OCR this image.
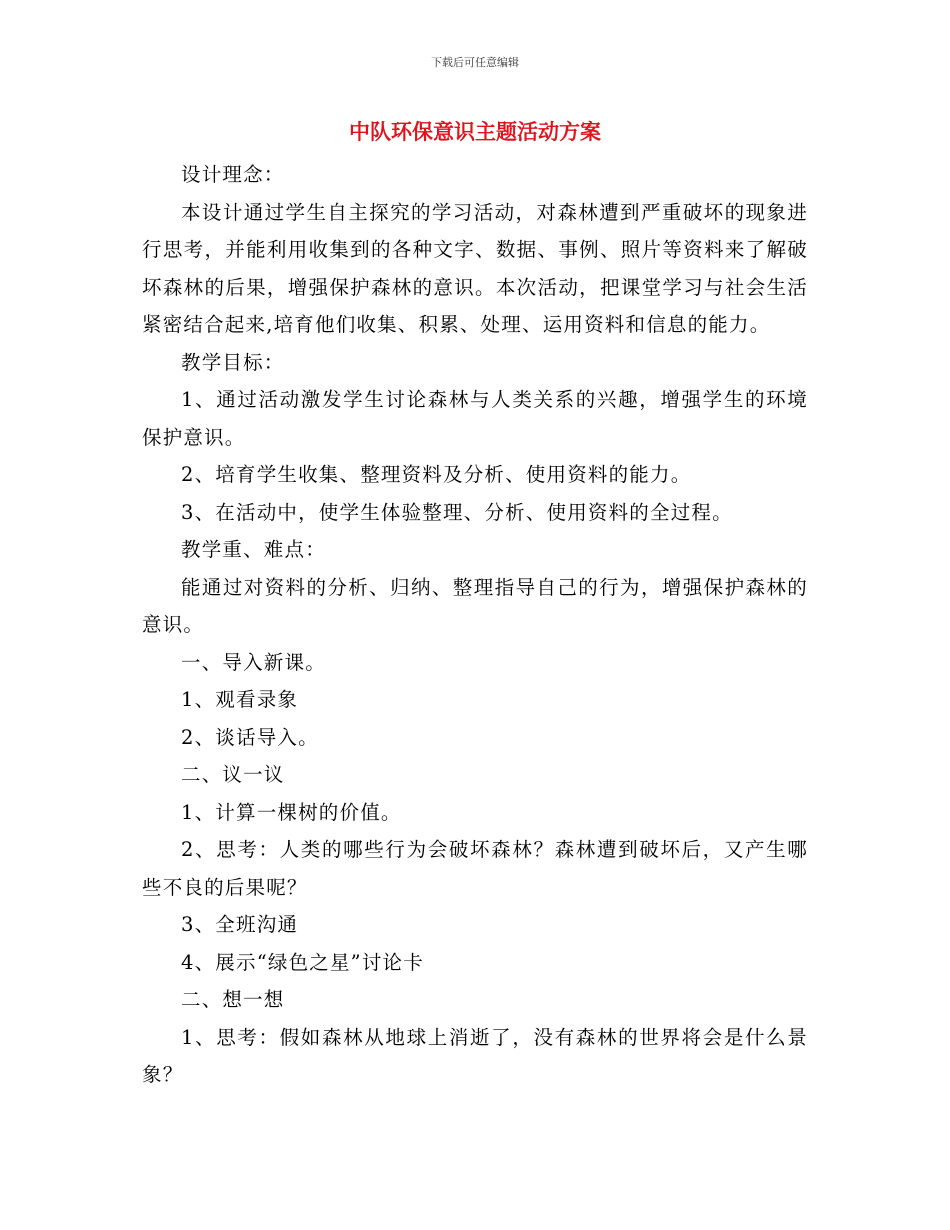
下载后可任意编辑
中队环保意识主题活动方案

设计理念：

本设计通过学生自主探究的学习活动，对森林遭到严重破坏的现象进行思考，并能利用收集到的各种文字、数据、事例、照片等资料来了解破坏森林的后果，增强保护森林的意识。本次活动，把课堂学习与社会生活紧密结合起来,培育他们收集、积累、处理、运用资料和信息的能力。

教学目标：

1、通过活动激发学生讨论森林与人类关系的兴趣，增强学生的环境保护意识。

2、培育学生收集、整理资料及分析、使用资料的能力。

3、在活动中，使学生体验整理、分析、使用资料的全过程。

教学重、难点：

能通过对资料的分析、归纳、整理指导自己的行为，增强保护森林的意识。

一、导入新课。

1、观看录象

2、谈话导入。

二、议一议

1、计算一棵树的价值。

2、思考：人类的哪些行为会破坏森林？森林遭到破坏后，又产生哪些不良的后果呢？

3、全班沟通

4、展示“绿色之星”讨论卡

二、想一想

1、思考：假如森林从地球上消逝了，没有森林的世界将会是什么景象？
